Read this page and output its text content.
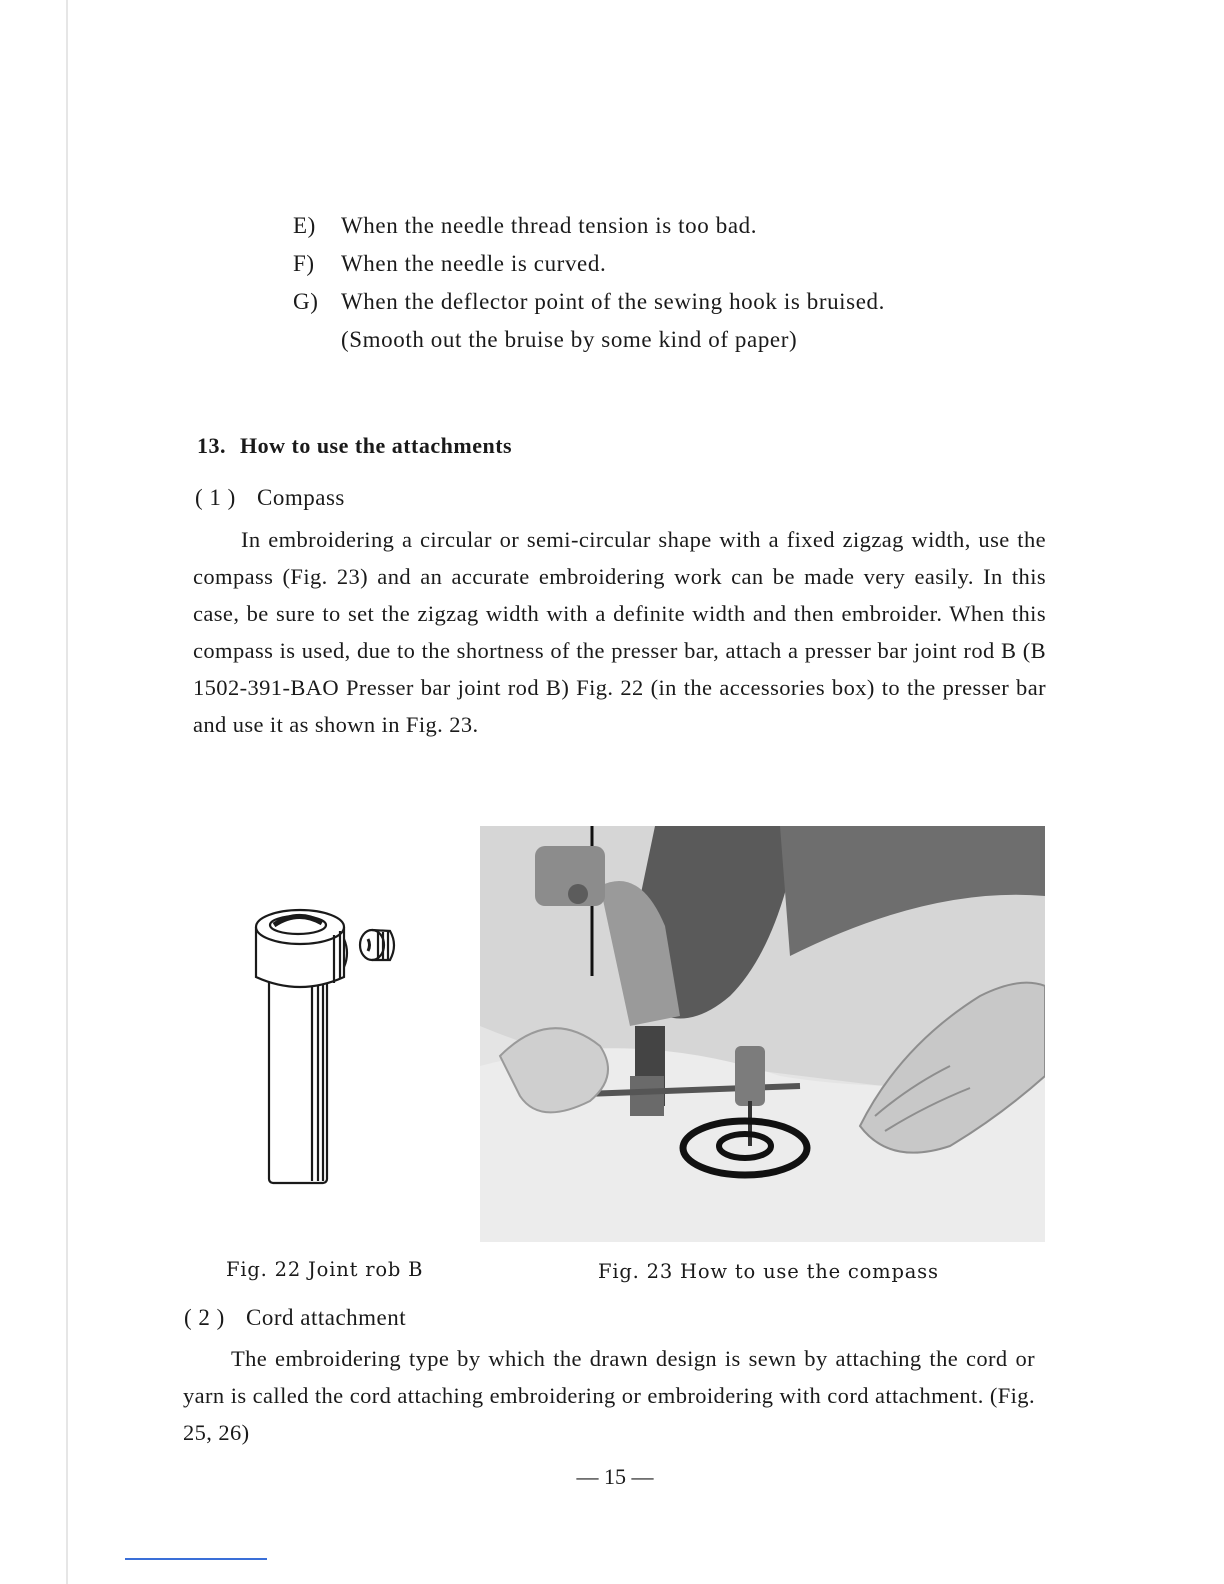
E) When the needle thread tension is too bad.
F) When the needle is curved.
G) When the deflector point of the sewing hook is bruised.
(Smooth out the bruise by some kind of paper)
13. How to use the attachments
( 1 ) Compass
In embroidering a circular or semi-circular shape with a fixed zigzag width, use the compass (Fig. 23) and an accurate embroidering work can be made very easily. In this case, be sure to set the zigzag width with a definite width and then embroider. When this compass is used, due to the shortness of the presser bar, attach a presser bar joint rod B (B 1502-391-BAO Presser bar joint rod B) Fig. 22 (in the accessories box) to the presser bar and use it as shown in Fig. 23.
Fig. 22 Joint rob B	Fig. 23 How to use the compass
( 2 ) Cord attachment
The embroidering type by which the drawn design is sewn by attaching the cord or yarn is called the cord attaching embroidering or embroidering with cord attachment. (Fig. 25, 26)
— 15 —
